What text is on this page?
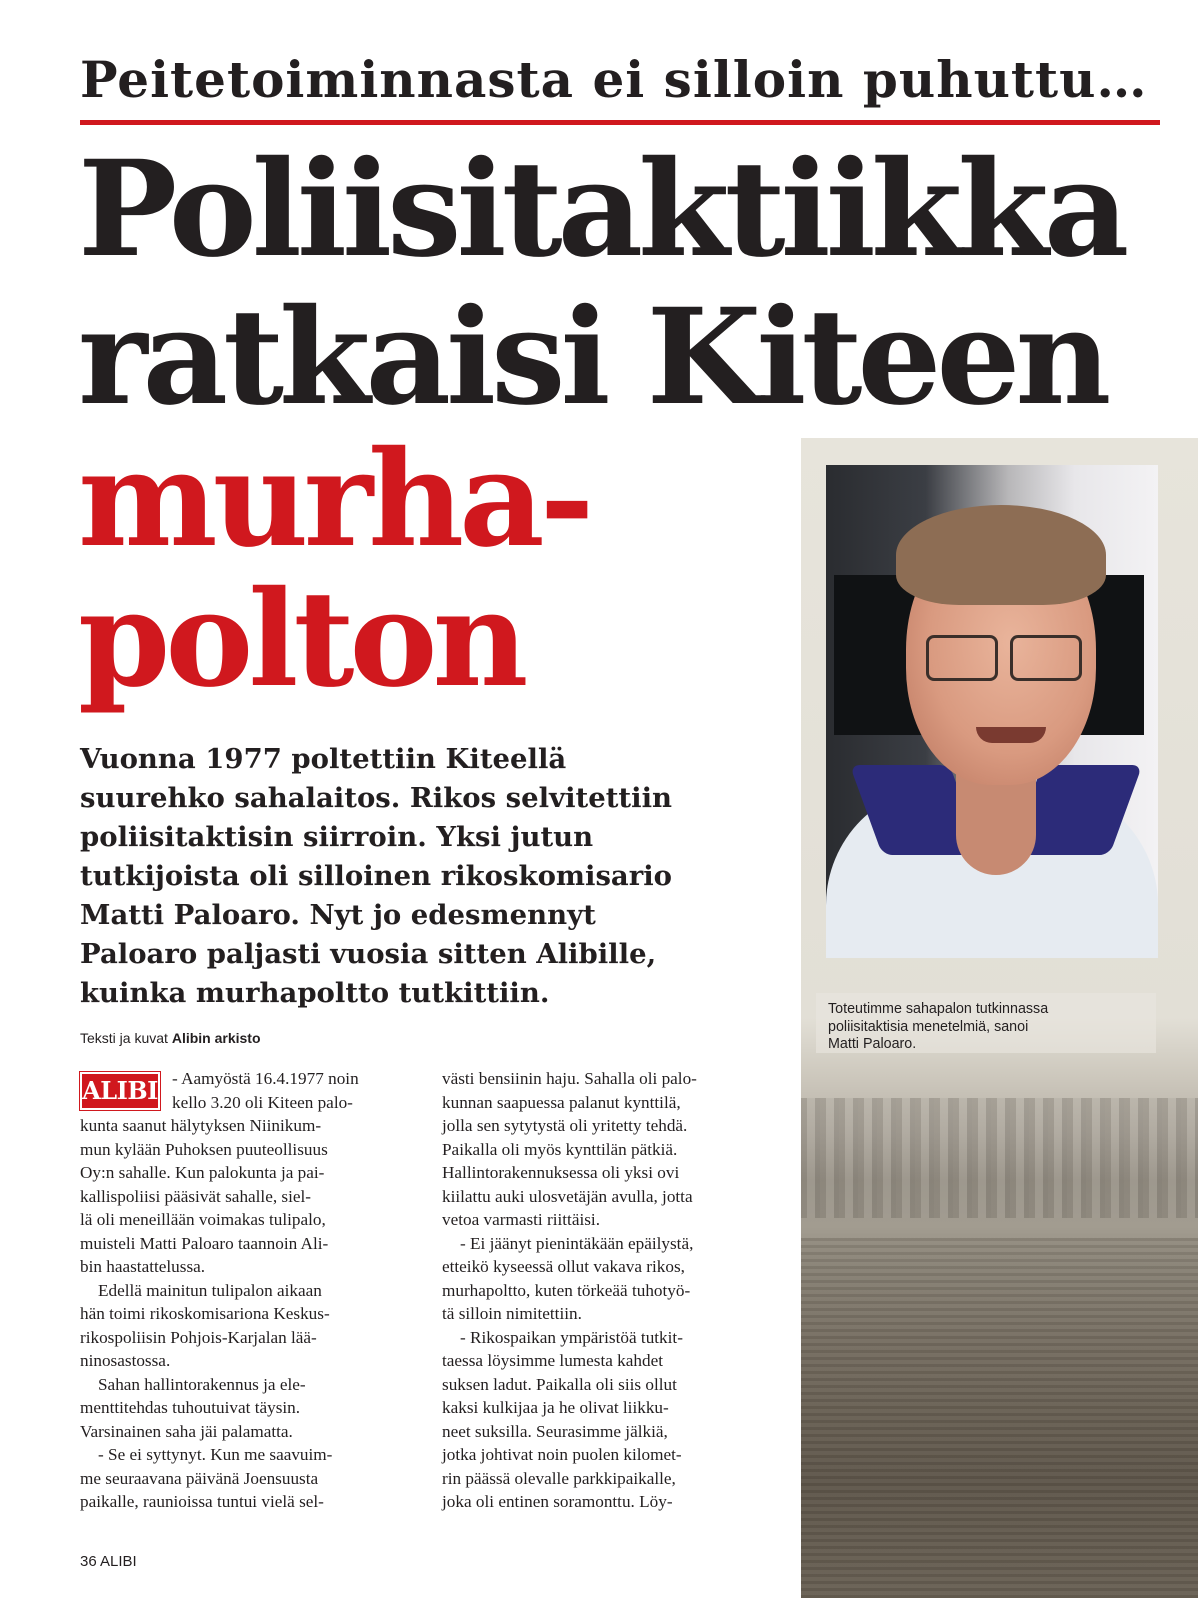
Peitetoiminnasta ei silloin puhuttu…
Poliisitaktiikka
ratkaisi Kiteen
murha-
polton

Vuonna 1977 poltettiin Kiteellä

suurehko sahalaitos. Rikos selvitettiin

poliisitaktisin siirroin. Yksi jutun

tutkijoista oli silloinen rikoskomisario

Matti Paloaro. Nyt jo edesmennyt

Paloaro paljasti vuosia sitten Alibille,

kuinka murhapoltto tutkittiin.

Teksti ja kuvat Alibin arkisto
ALIBI - Aamyöstä 16.4.1977 noin

kello 3.20 oli Kiteen palo-

kunta saanut hälytyksen Niinikum-

mun kylään Puhoksen puuteollisuus

Oy:n sahalle. Kun palokunta ja pai-

kallispoliisi pääsivät sahalle, siel-

lä oli meneillään voimakas tulipalo,

muisteli Matti Paloaro taannoin Ali-

bin haastattelussa.

Edellä mainitun tulipalon aikaan

hän toimi rikoskomisariona Keskus-

rikospoliisin Pohjois-Karjalan lää-

ninosastossa.

Sahan hallintorakennus ja ele-

menttitehdas tuhoutuivat täysin.

Varsinainen saha jäi palamatta.

- Se ei syttynyt. Kun me saavuim-

me seuraavana päivänä Joensuusta

paikalle, raunioissa tuntui vielä sel-

västi bensiinin haju. Sahalla oli palo-

kunnan saapuessa palanut kynttilä,

jolla sen sytytystä oli yritetty tehdä.

Paikalla oli myös kynttilän pätkiä.

Hallintorakennuksessa oli yksi ovi

kiilattu auki ulosvetäjän avulla, jotta

vetoa varmasti riittäisi.

- Ei jäänyt pienintäkään epäilystä,

etteikö kyseessä ollut vakava rikos,

murhapoltto, kuten törkeää tuhotyö-

tä silloin nimitettiin.

- Rikospaikan ympäristöä tutkit-

taessa löysimme lumesta kahdet

suksen ladut. Paikalla oli siis ollut

kaksi kulkijaa ja he olivat liikku-

neet suksilla. Seurasimme jälkiä,

jotka johtivat noin puolen kilomet-

rin päässä olevalle parkkipaikalle,

joka oli entinen soramonttu. Löy-

Toteutimme sahapalon tutkinnassa

poliisitaktisia menetelmiä, sanoi

Matti Paloaro.

36 ALIBI
